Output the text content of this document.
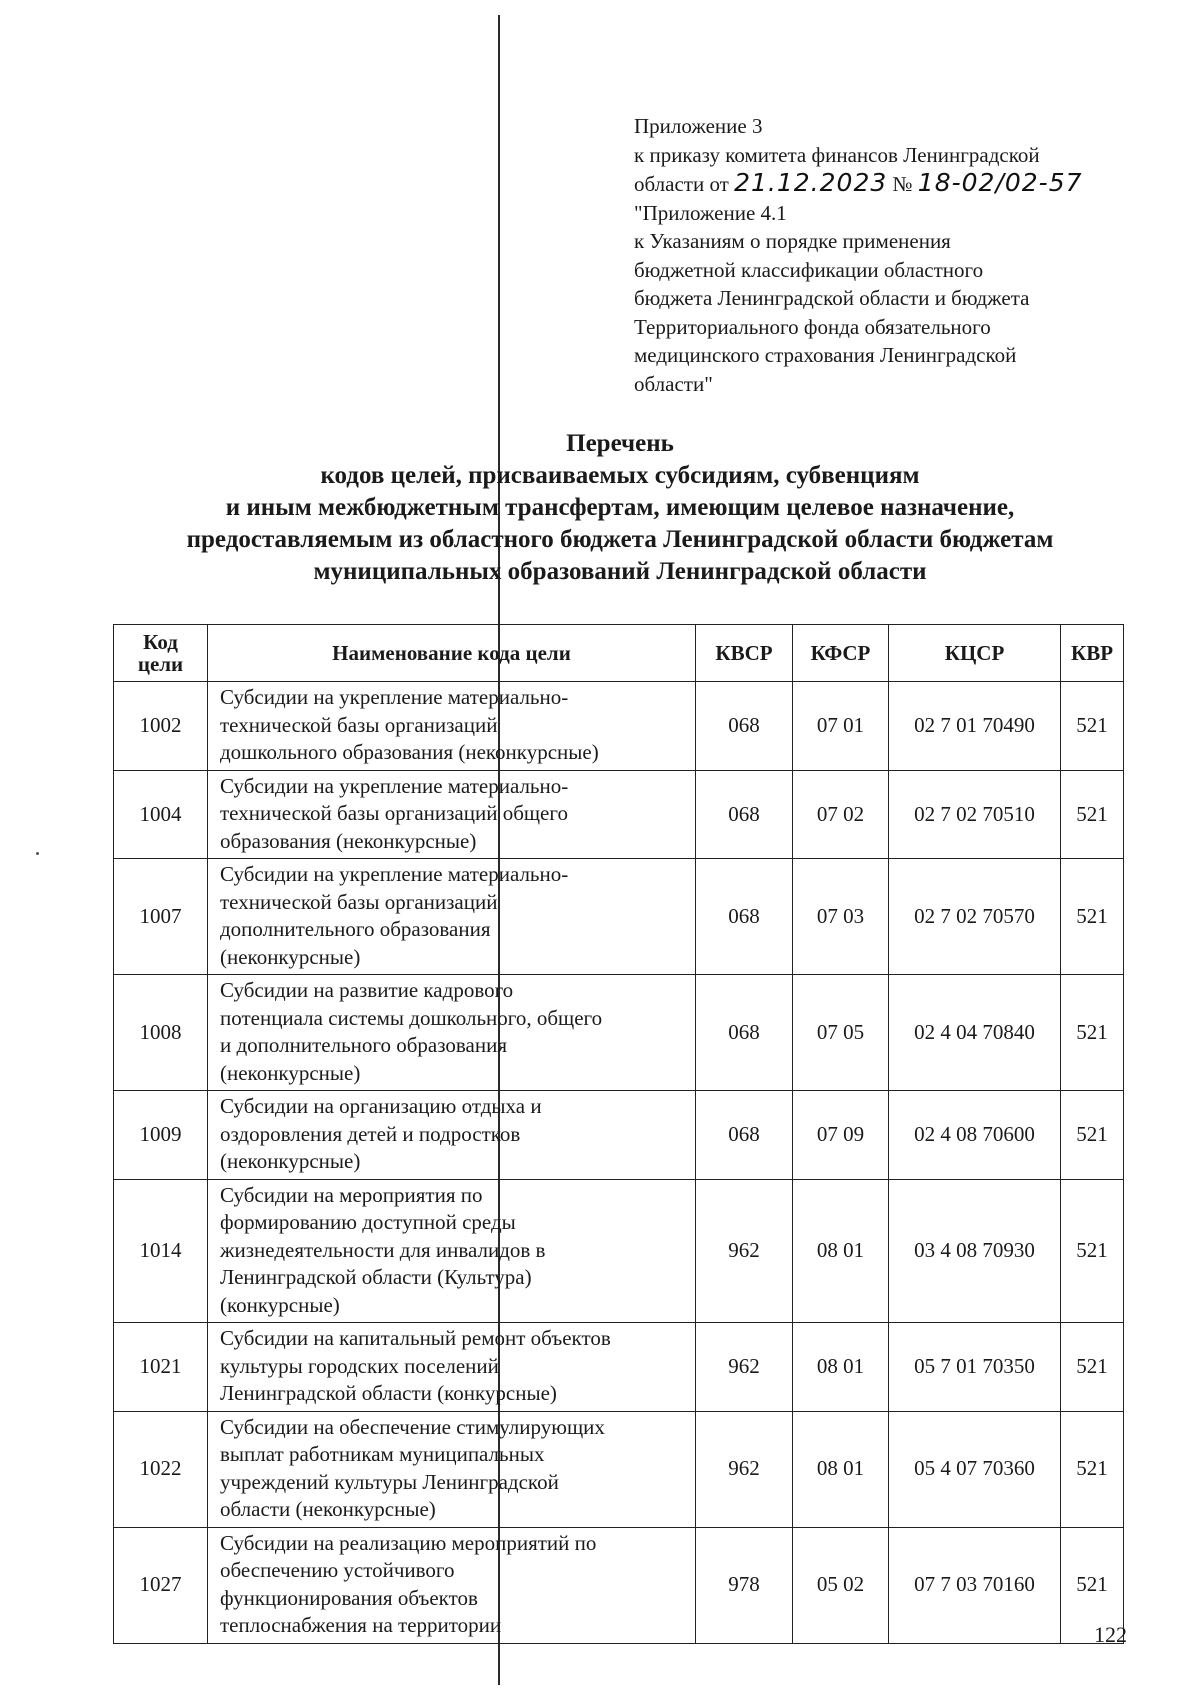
Приложение 3
к приказу комитета финансов Ленинградской
области от 21.12.2023 № 18-02/02-57
"Приложение 4.1
к Указаниям о порядке применения
бюджетной классификации областного
бюджета Ленинградской области и бюджета
Территориального фонда обязательного
медицинского страхования Ленинградской
области"
Перечень
кодов целей, присваиваемых субсидиям, субвенциям
и иным межбюджетным трансфертам, имеющим целевое назначение,
предоставляемым из областного бюджета Ленинградской области бюджетам
муниципальных образований Ленинградской области
Код
цели	Наименование кода цели	КВСР	КФСР	КЦСР	КВР
1002	Субсидии на укрепление материально-
технической базы организаций
дошкольного образования (неконкурсные)	068	07 01	02 7 01 70490	521
1004	Субсидии на укрепление материально-
технической базы организаций общего
образования (неконкурсные)	068	07 02	02 7 02 70510	521
1007	Субсидии на укрепление материально-
технической базы организаций
дополнительного образования
(неконкурсные)	068	07 03	02 7 02 70570	521
1008	Субсидии на развитие кадрового
потенциала системы дошкольного, общего
и дополнительного образования
(неконкурсные)	068	07 05	02 4 04 70840	521
1009	Субсидии на организацию отдыха и
оздоровления детей и подростков
(неконкурсные)	068	07 09	02 4 08 70600	521
1014	Субсидии на мероприятия по
формированию доступной среды
жизнедеятельности для инвалидов в
Ленинградской области (Культура)
(конкурсные)	962	08 01	03 4 08 70930	521
1021	Субсидии на капитальный ремонт объектов
культуры городских поселений
Ленинградской области (конкурсные)	962	08 01	05 7 01 70350	521
1022	Субсидии на обеспечение стимулирующих
выплат работникам муниципальных
учреждений культуры Ленинградской
области (неконкурсные)	962	08 01	05 4 07 70360	521
1027	Субсидии на реализацию мероприятий по
обеспечению устойчивого
функционирования объектов
теплоснабжения на территории	978	05 02	07 7 03 70160	521
122
